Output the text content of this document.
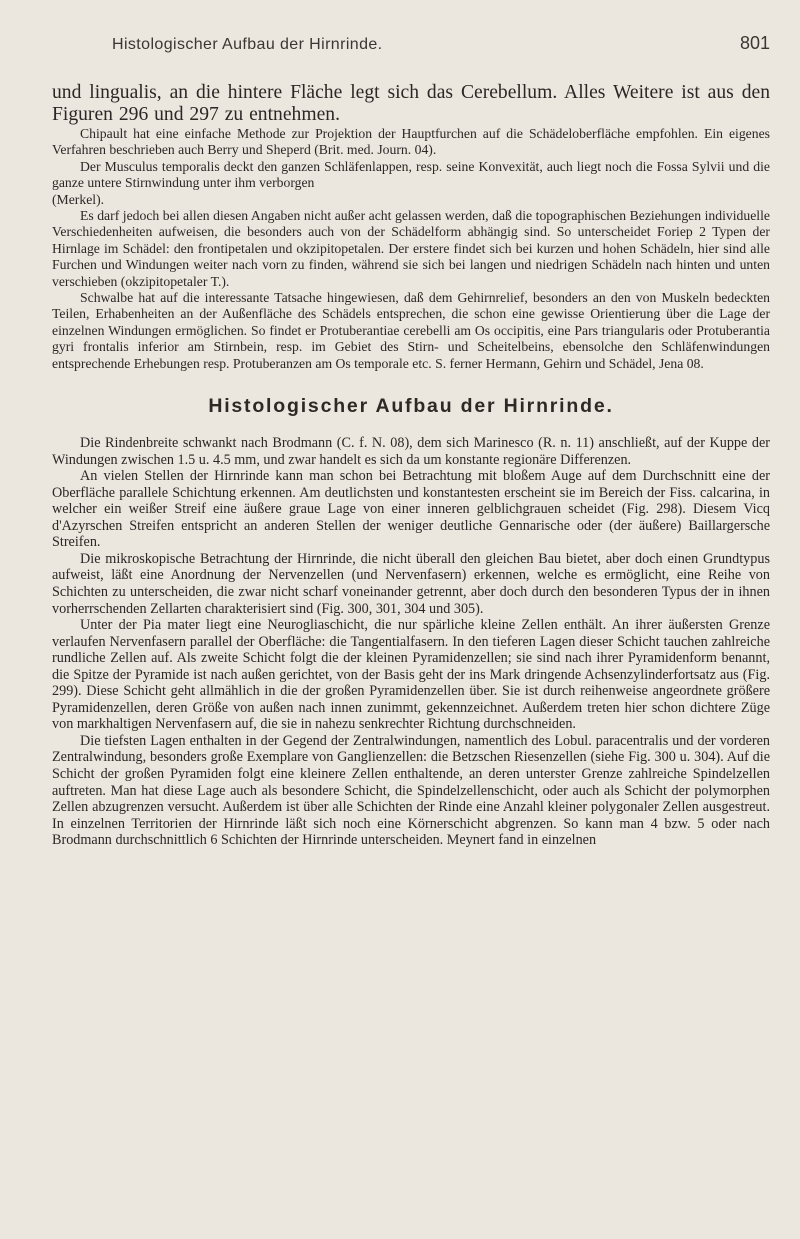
Histologischer Aufbau der Hirnrinde.	801

und lingualis, an die hintere Fläche legt sich das Cerebellum. Alles Weitere ist aus den Figuren 296 und 297 zu entnehmen.

Chipault hat eine einfache Methode zur Projektion der Hauptfurchen auf die Schädeloberfläche empfohlen. Ein eigenes Verfahren beschrieben auch Berry und Sheperd (Brit. med. Journ. 04).

Der Musculus temporalis deckt den ganzen Schläfenlappen, resp. seine Konvexität, auch liegt noch die Fossa Sylvii und die ganze untere Stirnwindung unter ihm verborgen

(Merkel).

Es darf jedoch bei allen diesen Angaben nicht außer acht gelassen werden, daß die topographischen Beziehungen individuelle Verschiedenheiten aufweisen, die besonders auch von der Schädelform abhängig sind. So unterscheidet Foriep 2 Typen der Hirnlage im Schädel: den frontipetalen und okzipitopetalen. Der erstere findet sich bei kurzen und hohen Schädeln, hier sind alle Furchen und Windungen weiter nach vorn zu finden, während sie sich bei langen und niedrigen Schädeln nach hinten und unten verschieben (okzipitopetaler T.).

Schwalbe hat auf die interessante Tatsache hingewiesen, daß dem Gehirnrelief, besonders an den von Muskeln bedeckten Teilen, Erhabenheiten an der Außenfläche des Schädels entsprechen, die schon eine gewisse Orientierung über die Lage der einzelnen Windungen ermöglichen. So findet er Protuberantiae cerebelli am Os occipitis, eine Pars triangularis oder Protuberantia gyri frontalis inferior am Stirnbein, resp. im Gebiet des Stirn- und Scheitelbeins, ebensolche den Schläfenwindungen entsprechende Erhebungen resp. Protuberanzen am Os temporale etc. S. ferner Hermann, Gehirn und Schädel, Jena 08.

Histologischer Aufbau der Hirnrinde.

Die Rindenbreite schwankt nach Brodmann (C. f. N. 08), dem sich Marinesco (R. n. 11) anschließt, auf der Kuppe der Windungen zwischen 1.5 u. 4.5 mm, und zwar handelt es sich da um konstante regionäre Differenzen.

An vielen Stellen der Hirnrinde kann man schon bei Betrachtung mit bloßem Auge auf dem Durchschnitt eine der Oberfläche parallele Schichtung erkennen. Am deutlichsten und konstantesten erscheint sie im Bereich der Fiss. calcarina, in welcher ein weißer Streif eine äußere graue Lage von einer inneren gelblichgrauen scheidet (Fig. 298). Diesem Vicq d'Azyrschen Streifen entspricht an anderen Stellen der weniger deutliche Gennarische oder (der äußere) Baillargersche Streifen.

Die mikroskopische Betrachtung der Hirnrinde, die nicht überall den gleichen Bau bietet, aber doch einen Grundtypus aufweist, läßt eine Anordnung der Nervenzellen (und Nervenfasern) erkennen, welche es ermöglicht, eine Reihe von Schichten zu unterscheiden, die zwar nicht scharf voneinander getrennt, aber doch durch den besonderen Typus der in ihnen vorherrschenden Zellarten charakterisiert sind (Fig. 300, 301, 304 und 305).

Unter der Pia mater liegt eine Neurogliaschicht, die nur spärliche kleine Zellen enthält. An ihrer äußersten Grenze verlaufen Nervenfasern parallel der Oberfläche: die Tangentialfasern. In den tieferen Lagen dieser Schicht tauchen zahlreiche rundliche Zellen auf. Als zweite Schicht folgt die der kleinen Pyramidenzellen; sie sind nach ihrer Pyramidenform benannt, die Spitze der Pyramide ist nach außen gerichtet, von der Basis geht der ins Mark dringende Achsenzylinderfortsatz aus (Fig. 299). Diese Schicht geht allmählich in die der großen Pyramidenzellen über. Sie ist durch reihenweise angeordnete größere Pyramidenzellen, deren Größe von außen nach innen zunimmt, gekennzeichnet. Außerdem treten hier schon dichtere Züge von markhaltigen Nervenfasern auf, die sie in nahezu senkrechter Richtung durchschneiden.

Die tiefsten Lagen enthalten in der Gegend der Zentralwindungen, namentlich des Lobul. paracentralis und der vorderen Zentralwindung, besonders große Exemplare von Ganglienzellen: die Betzschen Riesenzellen (siehe Fig. 300 u. 304). Auf die Schicht der großen Pyramiden folgt eine kleinere Zellen enthaltende, an deren unterster Grenze zahlreiche Spindelzellen auftreten. Man hat diese Lage auch als besondere Schicht, die Spindelzellenschicht, oder auch als Schicht der polymorphen Zellen abzugrenzen versucht. Außerdem ist über alle Schichten der Rinde eine Anzahl kleiner polygonaler Zellen ausgestreut. In einzelnen Territorien der Hirnrinde läßt sich noch eine Körnerschicht abgrenzen. So kann man 4 bzw. 5 oder nach Brodmann durchschnittlich 6 Schichten der Hirnrinde unterscheiden. Meynert fand in einzelnen
